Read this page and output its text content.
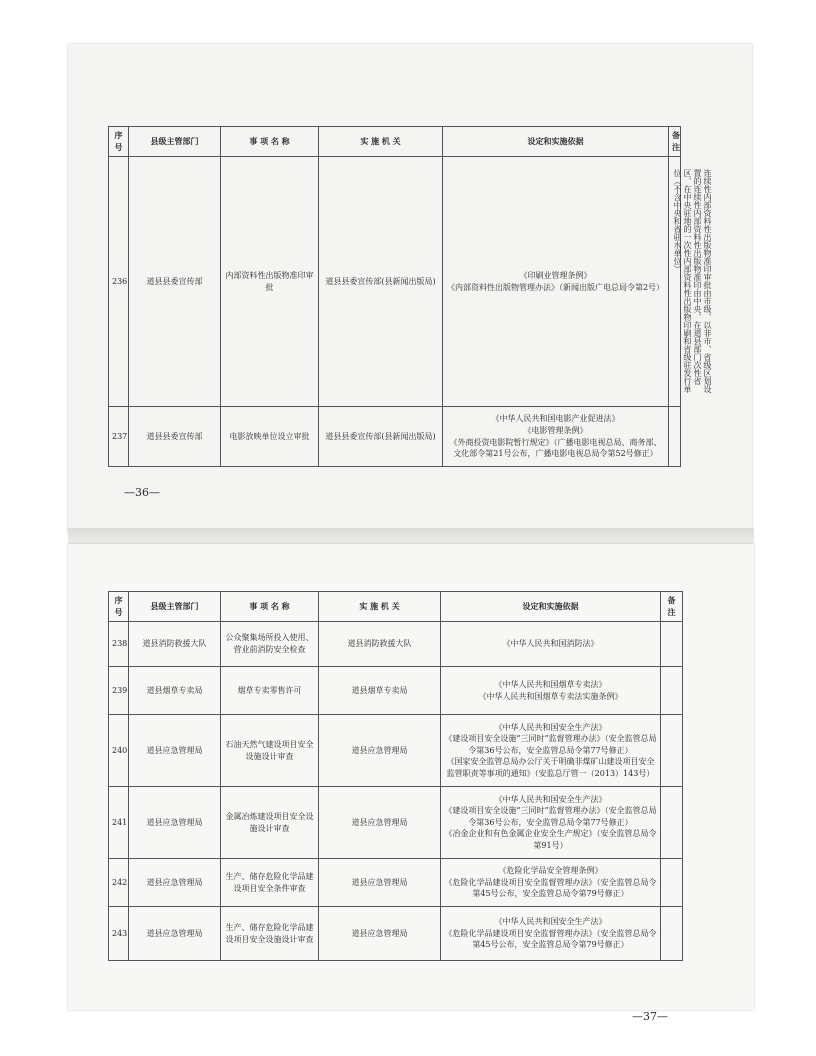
序号	县级主管部门	事 项 名 称	实 施 机 关	设定和实施依据	备注
236	道县县委宣传部	内部资料性出版物准印审批	道县县委宣传部(县新闻出版局)	《印刷业管理条例》
《内部资料性出版物管理办法》（新闻出版广电总局令第2号）	连续性内部资料性出版物准印审批由市级、以非市、省级区划设置的连续性内部资料性出版物准印由中央、在道县部门次性省区、在中央驻地的一次性内部资料性出版物印刷和省级驻发行单位（不含中央和省驻水单位）

237	道县县委宣传部	电影放映单位设立审批	道县县委宣传部(县新闻出版局)	《中华人民共和国电影产业促进法》
《电影管理条例》
《外商投资电影院暂行规定》（广播电影电视总局、商务部、文化部令第21号公布，广播电影电视总局令第52号修正）	
—36—
序号	县级主管部门	事 项 名 称	实 施 机 关	设定和实施依据	备注
238	道县消防救援大队	公众聚集场所投入使用、营业前消防安全检查	道县消防救援大队	《中华人民共和国消防法》	
239	道县烟草专卖局	烟草专卖零售许可	道县烟草专卖局	《中华人民共和国烟草专卖法》
《中华人民共和国烟草专卖法实施条例》	
240	道县应急管理局	石油天然气建设项目安全设施设计审查	道县应急管理局	《中华人民共和国安全生产法》
《建设项目安全设施“三同时”监督管理办法》（安全监管总局令第36号公布，安全监管总局令第77号修正）
《国家安全监管总局办公厅关于明确非煤矿山建设项目安全监管职责等事项的通知》（安监总厅管一（2013）143号）	
241	道县应急管理局	金属冶炼建设项目安全设施设计审查	道县应急管理局	《中华人民共和国安全生产法》
《建设项目安全设施“三同时”监督管理办法》（安全监管总局令第36号公布，安全监管总局令第77号修正）
《冶金企业和有色金属企业安全生产规定》（安全监管总局令第91号）	
242	道县应急管理局	生产、储存危险化学品建设项目安全条件审查	道县应急管理局	《危险化学品安全管理条例》
《危险化学品建设项目安全监督管理办法》（安全监管总局令第45号公布，安全监管总局令第79号修正）	
243	道县应急管理局	生产、储存危险化学品建设项目安全设施设计审查	道县应急管理局	《中华人民共和国安全生产法》
《危险化学品建设项目安全监督管理办法》（安全监管总局令第45号公布，安全监管总局令第79号修正）	
—37—
